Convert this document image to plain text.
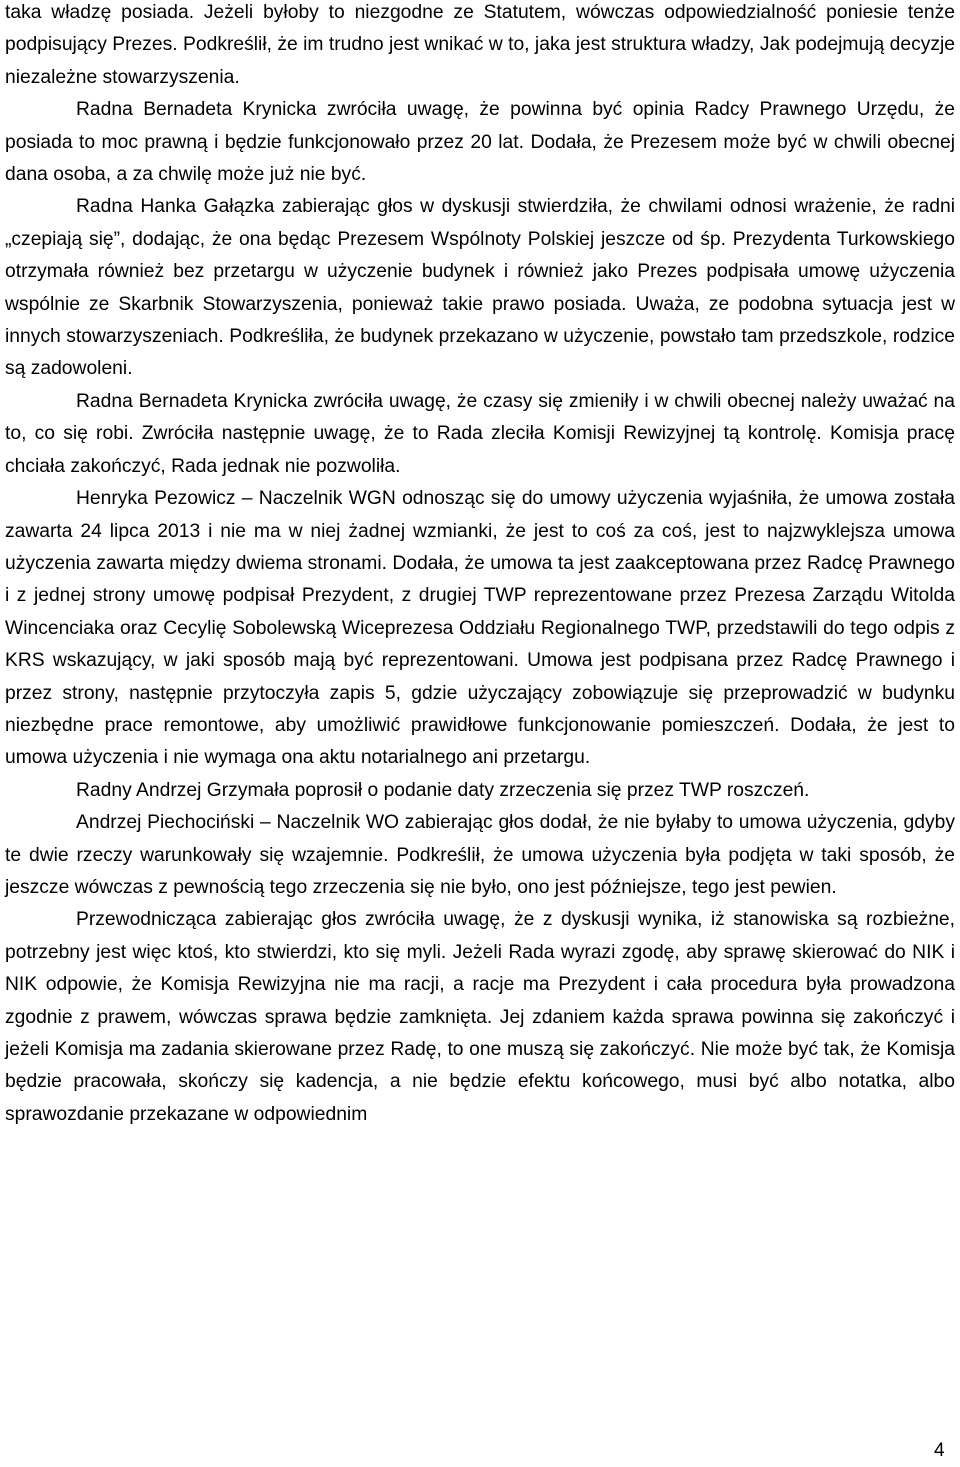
taka władzę posiada. Jeżeli byłoby to niezgodne ze Statutem, wówczas odpowiedzialność poniesie tenże podpisujący Prezes. Podkreślił, że im trudno jest wnikać w to, jaka jest struktura władzy, Jak podejmują decyzje niezależne stowarzyszenia.

Radna Bernadeta Krynicka zwróciła uwagę, że powinna być opinia Radcy Prawnego Urzędu, że posiada to moc prawną i będzie funkcjonowało przez 20 lat. Dodała, że Prezesem może być w chwili obecnej dana osoba, a za chwilę może już nie być.

Radna Hanka Gałązka zabierając głos w dyskusji stwierdziła, że chwilami odnosi wrażenie, że radni „czepiają się”, dodając, że ona będąc Prezesem Wspólnoty Polskiej jeszcze od śp. Prezydenta Turkowskiego otrzymała również bez przetargu w użyczenie budynek i również jako Prezes podpisała umowę użyczenia wspólnie ze Skarbnik Stowarzyszenia, ponieważ takie prawo posiada. Uważa, ze podobna sytuacja jest w innych stowarzyszeniach. Podkreśliła, że budynek przekazano w użyczenie, powstało tam przedszkole, rodzice są zadowoleni.

Radna Bernadeta Krynicka zwróciła uwagę, że czasy się zmieniły i w chwili obecnej należy uważać na to, co się robi. Zwróciła następnie uwagę, że to Rada zleciła Komisji Rewizyjnej tą kontrolę. Komisja pracę chciała zakończyć, Rada jednak nie pozwoliła.

Henryka Pezowicz – Naczelnik WGN odnosząc się do umowy użyczenia wyjaśniła, że umowa została zawarta 24 lipca 2013 i nie ma w niej żadnej wzmianki, że jest to coś za coś, jest to najzwyklejsza umowa użyczenia zawarta między dwiema stronami. Dodała, że umowa ta jest zaakceptowana przez Radcę Prawnego i z jednej strony umowę podpisał Prezydent, z drugiej TWP reprezentowane przez Prezesa Zarządu Witolda Wincenciaka oraz Cecylię Sobolewską Wiceprezesa Oddziału Regionalnego TWP, przedstawili do tego odpis z KRS wskazujący, w jaki sposób mają być reprezentowani. Umowa jest podpisana przez Radcę Prawnego i przez strony, następnie przytoczyła zapis 5, gdzie użyczający zobowiązuje się przeprowadzić w budynku niezbędne prace remontowe, aby umożliwić prawidłowe funkcjonowanie pomieszczeń. Dodała, że jest to umowa użyczenia i nie wymaga ona aktu notarialnego ani przetargu.

Radny Andrzej Grzymała poprosił o podanie daty zrzeczenia się przez TWP roszczeń.

Andrzej Piechociński – Naczelnik WO zabierając głos dodał, że nie byłaby to umowa użyczenia, gdyby te dwie rzeczy warunkowały się wzajemnie. Podkreślił, że umowa użyczenia była podjęta w taki sposób, że jeszcze wówczas z pewnością tego zrzeczenia się nie było, ono jest późniejsze, tego jest pewien.

Przewodnicząca zabierając głos zwróciła uwagę, że z dyskusji wynika, iż stanowiska są rozbieżne, potrzebny jest więc ktoś, kto stwierdzi, kto się myli. Jeżeli Rada wyrazi zgodę, aby sprawę skierować do NIK i NIK odpowie, że Komisja Rewizyjna nie ma racji, a racje ma Prezydent i cała procedura była prowadzona zgodnie z prawem, wówczas sprawa będzie zamknięta. Jej zdaniem każda sprawa powinna się zakończyć i jeżeli Komisja ma zadania skierowane przez Radę, to one muszą się zakończyć. Nie może być tak, że Komisja będzie pracowała, skończy się kadencja, a nie będzie efektu końcowego, musi być albo notatka, albo sprawozdanie przekazane w odpowiednim

4
